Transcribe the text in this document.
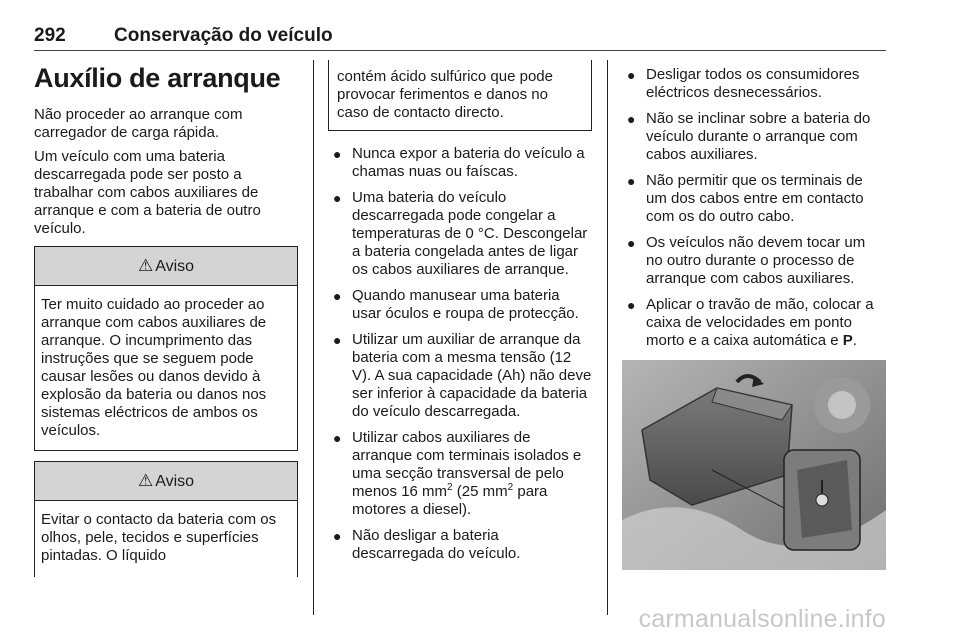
292	Conservação do veículo
Auxílio de arranque

Não proceder ao arranque com carregador de carga rápida.

Um veículo com uma bateria descarregada pode ser posto a trabalhar com cabos auxiliares de arranque e com a bateria de outro veículo.

⚠ Aviso
Ter muito cuidado ao proceder ao arranque com cabos auxiliares de arranque. O incumprimento das instruções que se seguem pode causar lesões ou danos devido à explosão da bateria ou danos nos sistemas eléctricos de ambos os veículos.
⚠ Aviso
Evitar o contacto da bateria com os olhos, pele, tecidos e superfícies pintadas. O líquido
contém ácido sulfúrico que pode provocar ferimentos e danos no caso de contacto directo.
● Nunca expor a bateria do veículo a chamas nuas ou faíscas.
● Uma bateria do veículo descarregada pode congelar a temperaturas de 0 °C. Descongelar a bateria congelada antes de ligar os cabos auxiliares de arranque.
● Quando manusear uma bateria usar óculos e roupa de protecção.
● Utilizar um auxiliar de arranque da bateria com a mesma tensão (12 V). A sua capacidade (Ah) não deve ser inferior à capacidade da bateria do veículo descarregada.
● Utilizar cabos auxiliares de arranque com terminais isolados e uma secção transversal de pelo menos 16 $mm^2$ (25 $mm^2$ para motores a diesel).
● Não desligar a bateria descarregada do veículo.
● Desligar todos os consumidores eléctricos desnecessários.
● Não se inclinar sobre a bateria do veículo durante o arranque com cabos auxiliares.
● Não permitir que os terminais de um dos cabos entre em contacto com os do outro cabo.
● Os veículos não devem tocar um no outro durante o processo de arranque com cabos auxiliares.
● Aplicar o travão de mão, colocar a caixa de velocidades em ponto morto e a caixa automática e P.
carmanualsonline.info
